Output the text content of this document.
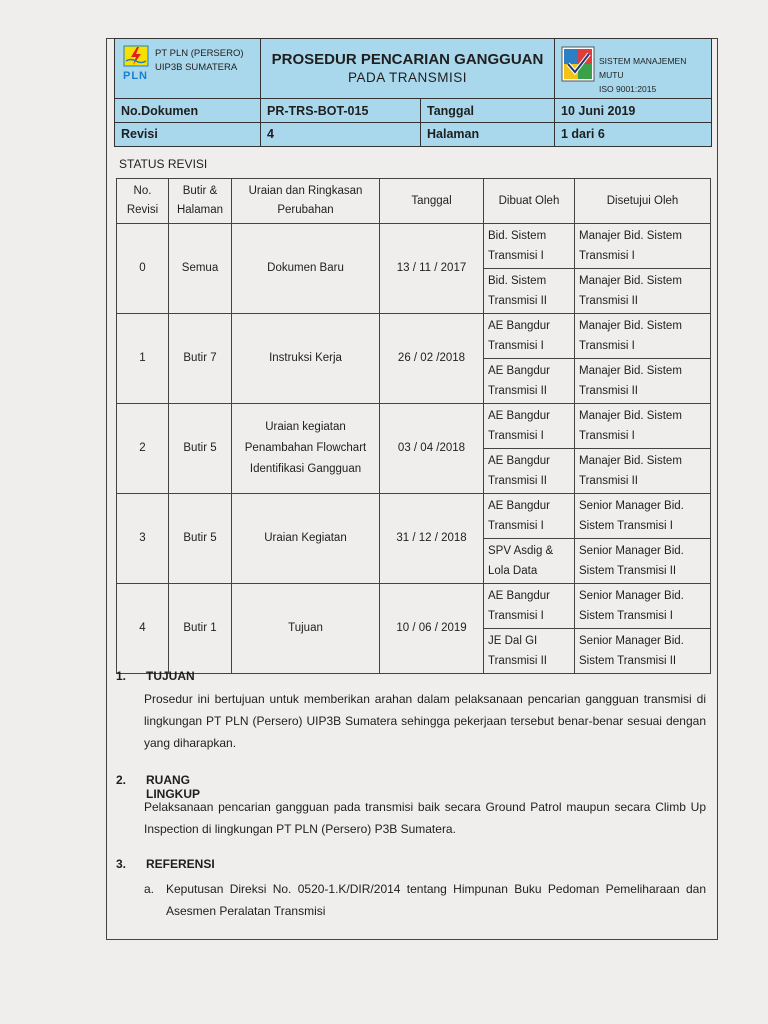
PLN
PT PLN (PERSERO)
UIP3B SUMATERA	PROSEDUR PENCARIAN GANGGUAN
PADA TRANSMISI
SISTEM MANAJEMEN MUTU
ISO 9001:2015
No.Dokumen	PR-TRS-BOT-015	Tanggal	10 Juni 2019
Revisi	4	Halaman	1 dari 6
STATUS REVISI
No. Revisi	Butir & Halaman	Uraian dan Ringkasan Perubahan	Tanggal	Dibuat Oleh	Disetujui Oleh
0	Semua	Dokumen Baru	13 / 11 / 2017	Bid. Sistem Transmisi I	Manajer Bid. Sistem Transmisi I
				Bid. Sistem Transmisi II	Manajer Bid. Sistem Transmisi II
1	Butir 7	Instruksi Kerja	26 / 02 /2018	AE Bangdur Transmisi I	Manajer Bid. Sistem Transmisi I
				AE Bangdur Transmisi II	Manajer Bid. Sistem Transmisi II
2	Butir 5	Uraian kegiatan Penambahan Flowchart Identifikasi Gangguan	03 / 04 /2018	AE Bangdur Transmisi I	Manajer Bid. Sistem Transmisi I
				AE Bangdur Transmisi II	Manajer Bid. Sistem Transmisi II
3	Butir 5	Uraian Kegiatan	31 / 12 / 2018	AE Bangdur Transmisi I	Senior Manager Bid. Sistem Transmisi I
				SPV Asdig & Lola Data	Senior Manager Bid. Sistem Transmisi II
4	Butir 1	Tujuan	10 / 06 / 2019	AE Bangdur Transmisi I	Senior Manager Bid. Sistem Transmisi I
				JE Dal GI Transmisi II	Senior Manager Bid. Sistem Transmisi II
1. TUJUAN
Prosedur ini bertujuan untuk memberikan arahan dalam pelaksanaan pencarian gangguan transmisi di lingkungan PT PLN (Persero) UIP3B Sumatera sehingga pekerjaan tersebut benar-benar sesuai dengan yang diharapkan.
2. RUANG LINGKUP
Pelaksanaan pencarian gangguan pada transmisi baik secara Ground Patrol maupun secara Climb Up Inspection di lingkungan PT PLN (Persero) P3B Sumatera.
3. REFERENSI
a. Keputusan Direksi No. 0520-1.K/DIR/2014 tentang Himpunan Buku Pedoman Pemeliharaan dan Asesmen Peralatan Transmisi
